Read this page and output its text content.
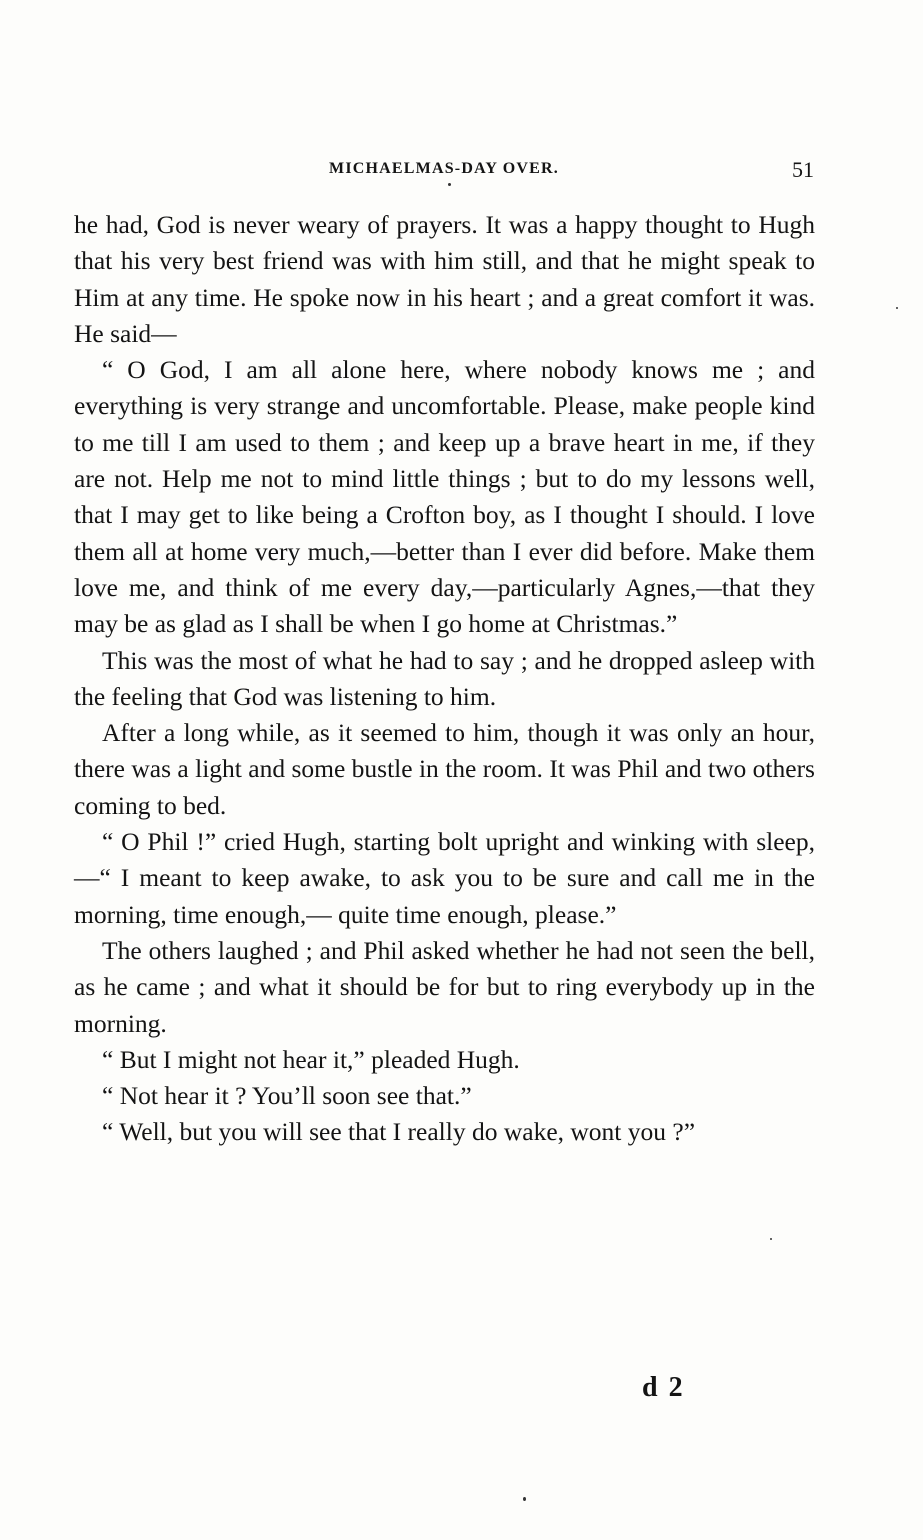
MICHAELMAS-DAY OVER.	51

he had, God is never weary of prayers. It was a happy thought to Hugh that his very best friend was with him still, and that he might speak to Him at any time. He spoke now in his heart ; and a great comfort it was. He said—

“ O God, I am all alone here, where nobody knows me ; and everything is very strange and uncomfortable. Please, make people kind to me till I am used to them ; and keep up a brave heart in me, if they are not. Help me not to mind little things ; but to do my lessons well, that I may get to like being a Crofton boy, as I thought I should. I love them all at home very much,—better than I ever did before. Make them love me, and think of me every day,—particularly Agnes,—that they may be as glad as I shall be when I go home at Christmas.”

This was the most of what he had to say ; and he dropped asleep with the feeling that God was listening to him.

After a long while, as it seemed to him, though it was only an hour, there was a light and some bustle in the room. It was Phil and two others coming to bed.

“ O Phil !” cried Hugh, starting bolt upright and winking with sleep,—“ I meant to keep awake, to ask you to be sure and call me in the morning, time enough,— quite time enough, please.”

The others laughed ; and Phil asked whether he had not seen the bell, as he came ; and what it should be for but to ring everybody up in the morning.

“ But I might not hear it,” pleaded Hugh.

“ Not hear it ? You’ll soon see that.”

“ Well, but you will see that I really do wake, wont you ?”

d 2
